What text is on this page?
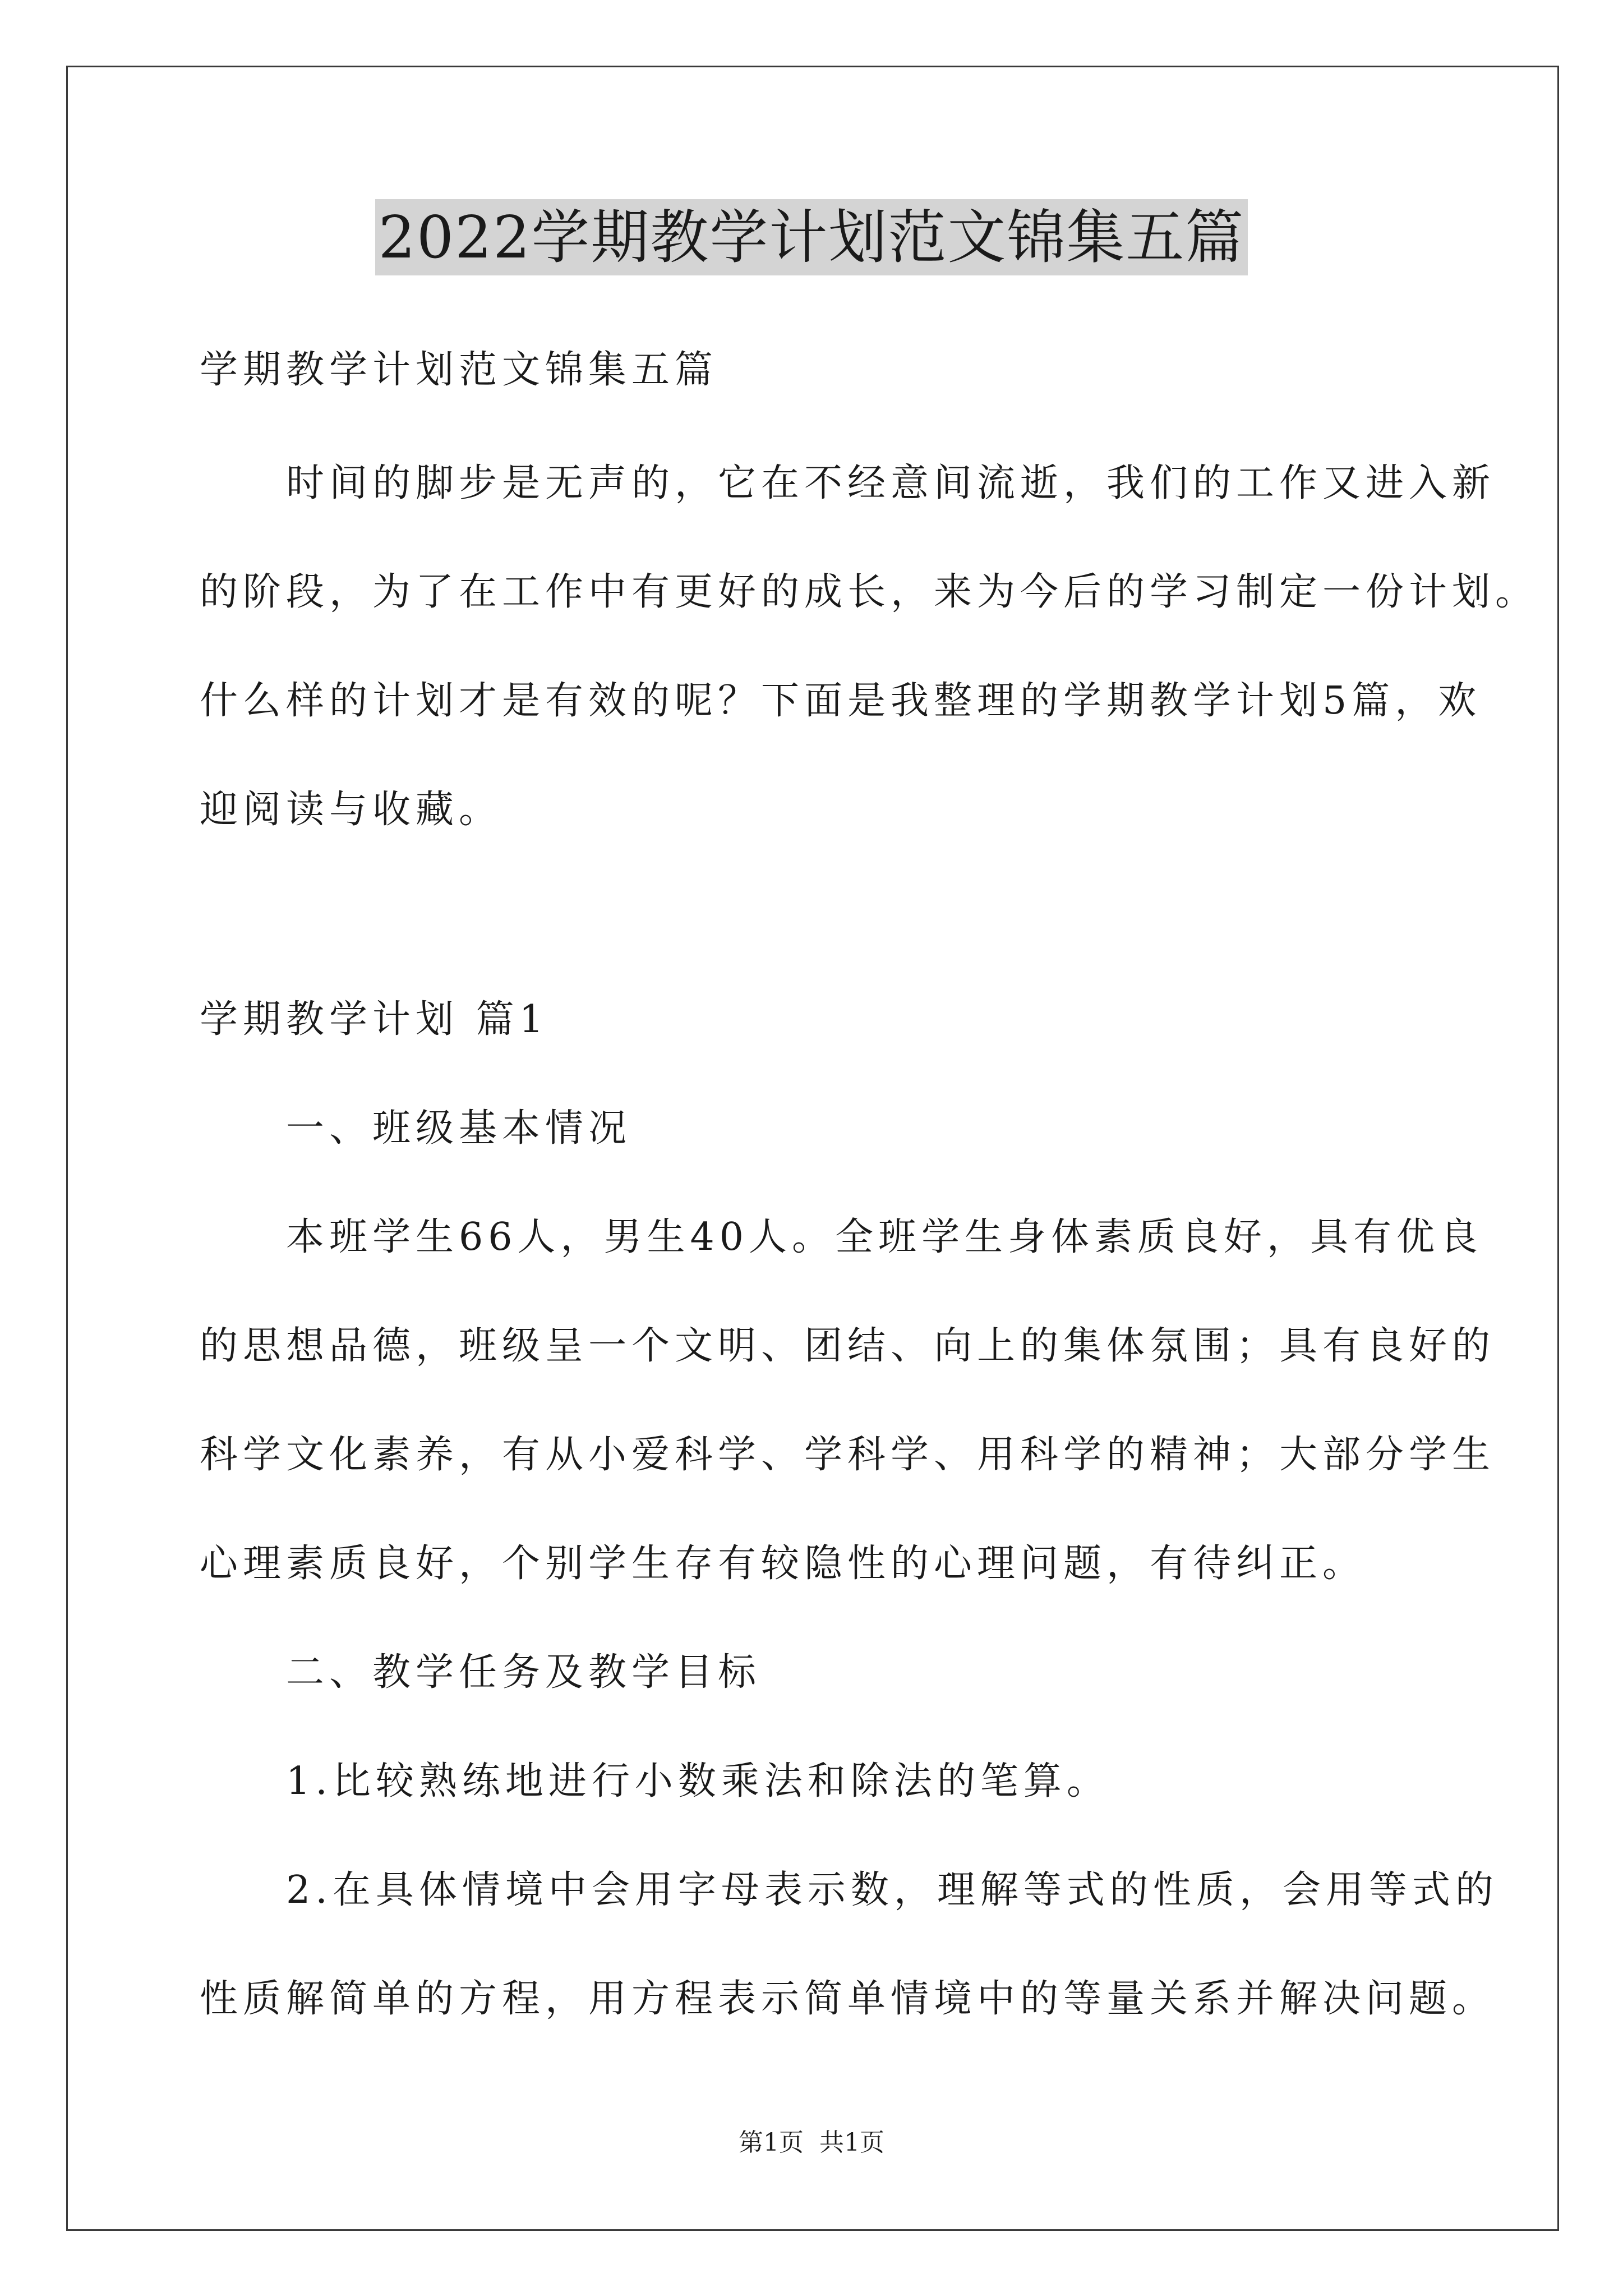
2022学期教学计划范文锦集五篇
学期教学计划范文锦集五篇
　　时间的脚步是无声的，它在不经意间流逝，我们的工作又进入新
的阶段，为了在工作中有更好的成长，来为今后的学习制定一份计划。
什么样的计划才是有效的呢？下面是我整理的学期教学计划5篇，欢
迎阅读与收藏。
学期教学计划 篇1
　　一、班级基本情况
　　本班学生66人，男生40人。全班学生身体素质良好，具有优良
的思想品德，班级呈一个文明、团结、向上的集体氛围；具有良好的
科学文化素养，有从小爱科学、学科学、用科学的精神；大部分学生
心理素质良好，个别学生存有较隐性的心理问题，有待纠正。
　　二、教学任务及教学目标
　　1.比较熟练地进行小数乘法和除法的笔算。
　　2.在具体情境中会用字母表示数，理解等式的性质，会用等式的
性质解简单的方程，用方程表示简单情境中的等量关系并解决问题。
第1页 共1页
